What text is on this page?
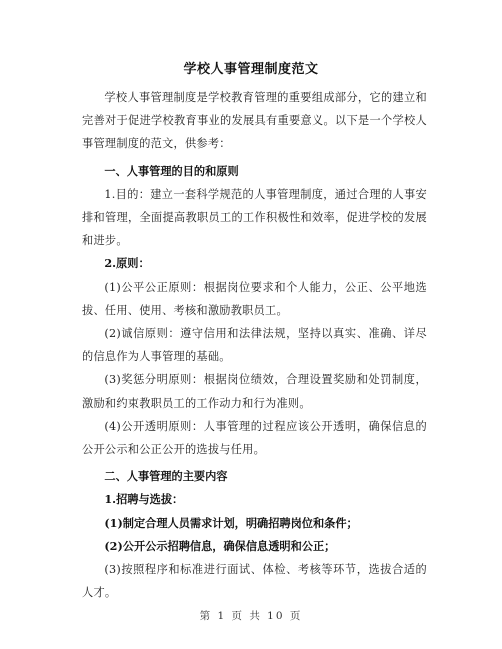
学校人事管理制度范文

学校人事管理制度是学校教育管理的重要组成部分，它的建立和完善对于促进学校教育事业的发展具有重要意义。以下是一个学校人事管理制度的范文，供参考：

一、人事管理的目的和原则

1.目的：建立一套科学规范的人事管理制度，通过合理的人事安排和管理，全面提高教职员工的工作积极性和效率，促进学校的发展和进步。

2.原则：

(1)公平公正原则：根据岗位要求和个人能力，公正、公平地选拔、任用、使用、考核和激励教职员工。

(2)诚信原则：遵守信用和法律法规，坚持以真实、准确、详尽的信息作为人事管理的基础。

(3)奖惩分明原则：根据岗位绩效，合理设置奖励和处罚制度，激励和约束教职员工的工作动力和行为准则。

(4)公开透明原则：人事管理的过程应该公开透明，确保信息的公开公示和公正公开的选拔与任用。

二、人事管理的主要内容

1.招聘与选拔：

(1)制定合理人员需求计划，明确招聘岗位和条件；

(2)公开公示招聘信息，确保信息透明和公正；

(3)按照程序和标准进行面试、体检、考核等环节，选拔合适的人才。

第 1 页 共 10 页
